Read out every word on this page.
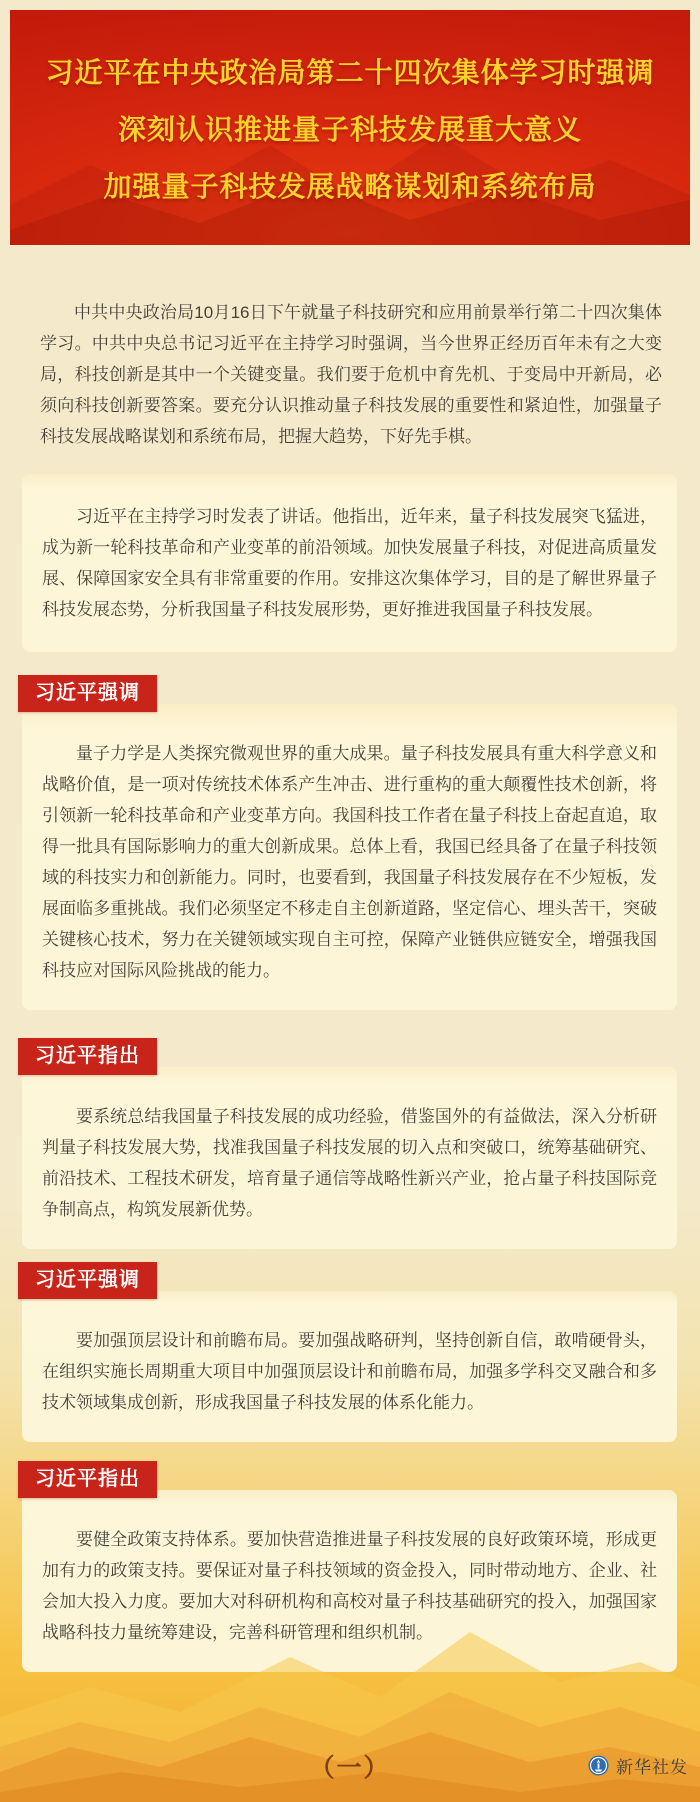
习近平在中央政治局第二十四次集体学习时强调
深刻认识推进量子科技发展重大意义
加强量子科技发展战略谋划和系统布局

中共中央政治局10月16日下午就量子科技研究和应用前景举行第二十四次集体学习。中共中央总书记习近平在主持学习时强调，当今世界正经历百年未有之大变局，科技创新是其中一个关键变量。我们要于危机中育先机、于变局中开新局，必须向科技创新要答案。要充分认识推动量子科技发展的重要性和紧迫性，加强量子科技发展战略谋划和系统布局，把握大趋势，下好先手棋。

习近平在主持学习时发表了讲话。他指出，近年来，量子科技发展突飞猛进，成为新一轮科技革命和产业变革的前沿领域。加快发展量子科技，对促进高质量发展、保障国家安全具有非常重要的作用。安排这次集体学习，目的是了解世界量子科技发展态势，分析我国量子科技发展形势，更好推进我国量子科技发展。

习近平强调

量子力学是人类探究微观世界的重大成果。量子科技发展具有重大科学意义和战略价值，是一项对传统技术体系产生冲击、进行重构的重大颠覆性技术创新，将引领新一轮科技革命和产业变革方向。我国科技工作者在量子科技上奋起直追，取得一批具有国际影响力的重大创新成果。总体上看，我国已经具备了在量子科技领域的科技实力和创新能力。同时，也要看到，我国量子科技发展存在不少短板，发展面临多重挑战。我们必须坚定不移走自主创新道路，坚定信心、埋头苦干，突破关键核心技术，努力在关键领域实现自主可控，保障产业链供应链安全，增强我国科技应对国际风险挑战的能力。

习近平指出

要系统总结我国量子科技发展的成功经验，借鉴国外的有益做法，深入分析研判量子科技发展大势，找准我国量子科技发展的切入点和突破口，统筹基础研究、前沿技术、工程技术研发，培育量子通信等战略性新兴产业，抢占量子科技国际竞争制高点，构筑发展新优势。

习近平强调

要加强顶层设计和前瞻布局。要加强战略研判，坚持创新自信，敢啃硬骨头，在组织实施长周期重大项目中加强顶层设计和前瞻布局，加强多学科交叉融合和多技术领域集成创新，形成我国量子科技发展的体系化能力。

习近平指出

要健全政策支持体系。要加快营造推进量子科技发展的良好政策环境，形成更加有力的政策支持。要保证对量子科技领域的资金投入，同时带动地方、企业、社会加大投入力度。要加大对科研机构和高校对量子科技基础研究的投入，加强国家战略科技力量统筹建设，完善科研管理和组织机制。

（一）	新华社发
